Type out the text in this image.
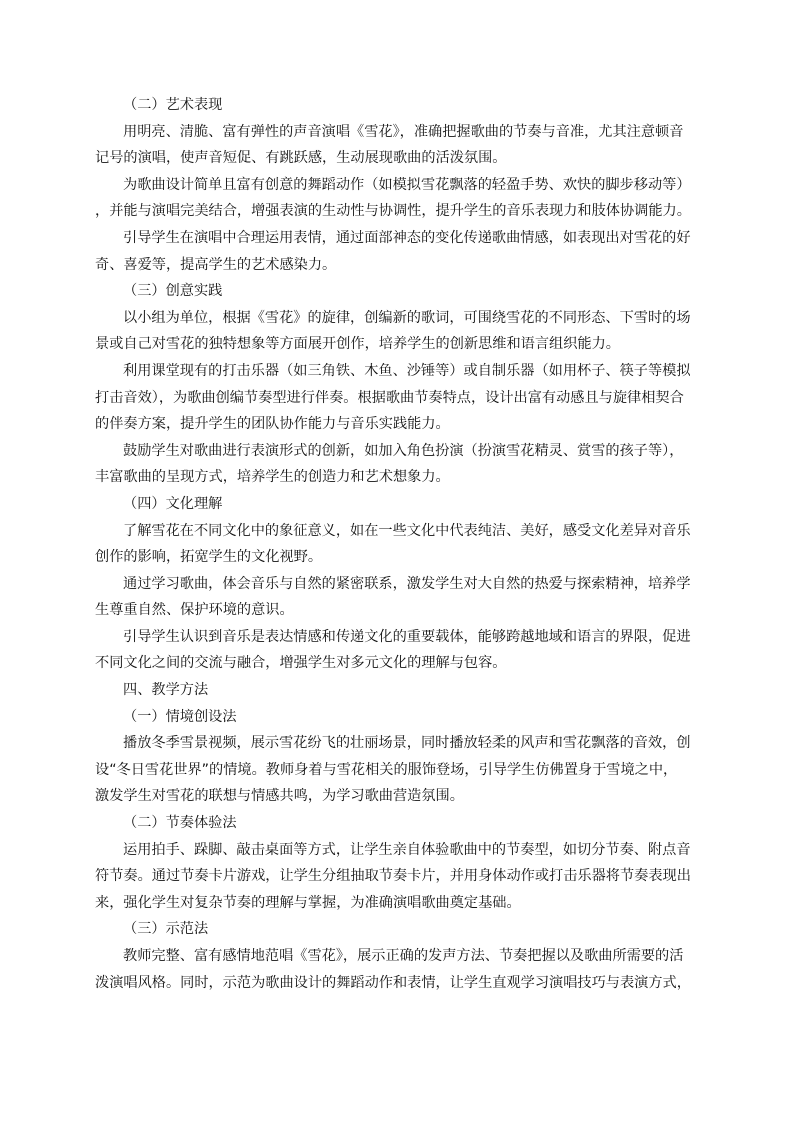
（二）艺术表现
用明亮、清脆、富有弹性的声音演唱《雪花》，准确把握歌曲的节奏与音准，尤其注意顿音
记号的演唱，使声音短促、有跳跃感，生动展现歌曲的活泼氛围。
为歌曲设计简单且富有创意的舞蹈动作（如模拟雪花飘落的轻盈手势、欢快的脚步移动等）
，并能与演唱完美结合，增强表演的生动性与协调性，提升学生的音乐表现力和肢体协调能力。
引导学生在演唱中合理运用表情，通过面部神态的变化传递歌曲情感，如表现出对雪花的好
奇、喜爱等，提高学生的艺术感染力。
（三）创意实践
以小组为单位，根据《雪花》的旋律，创编新的歌词，可围绕雪花的不同形态、下雪时的场
景或自己对雪花的独特想象等方面展开创作，培养学生的创新思维和语言组织能力。
利用课堂现有的打击乐器（如三角铁、木鱼、沙锤等）或自制乐器（如用杯子、筷子等模拟
打击音效），为歌曲创编节奏型进行伴奏。根据歌曲节奏特点，设计出富有动感且与旋律相契合
的伴奏方案，提升学生的团队协作能力与音乐实践能力。
鼓励学生对歌曲进行表演形式的创新，如加入角色扮演（扮演雪花精灵、赏雪的孩子等），
丰富歌曲的呈现方式，培养学生的创造力和艺术想象力。
（四）文化理解
了解雪花在不同文化中的象征意义，如在一些文化中代表纯洁、美好，感受文化差异对音乐
创作的影响，拓宽学生的文化视野。
通过学习歌曲，体会音乐与自然的紧密联系，激发学生对大自然的热爱与探索精神，培养学
生尊重自然、保护环境的意识。
引导学生认识到音乐是表达情感和传递文化的重要载体，能够跨越地域和语言的界限，促进
不同文化之间的交流与融合，增强学生对多元文化的理解与包容。
四、教学方法
（一）情境创设法
播放冬季雪景视频，展示雪花纷飞的壮丽场景，同时播放轻柔的风声和雪花飘落的音效，创
设“冬日雪花世界”的情境。教师身着与雪花相关的服饰登场，引导学生仿佛置身于雪境之中，
激发学生对雪花的联想与情感共鸣，为学习歌曲营造氛围。
（二）节奏体验法
运用拍手、跺脚、敲击桌面等方式，让学生亲自体验歌曲中的节奏型，如切分节奏、附点音
符节奏。通过节奏卡片游戏，让学生分组抽取节奏卡片，并用身体动作或打击乐器将节奏表现出
来，强化学生对复杂节奏的理解与掌握，为准确演唱歌曲奠定基础。
（三）示范法
教师完整、富有感情地范唱《雪花》，展示正确的发声方法、节奏把握以及歌曲所需要的活
泼演唱风格。同时，示范为歌曲设计的舞蹈动作和表情，让学生直观学习演唱技巧与表演方式，
